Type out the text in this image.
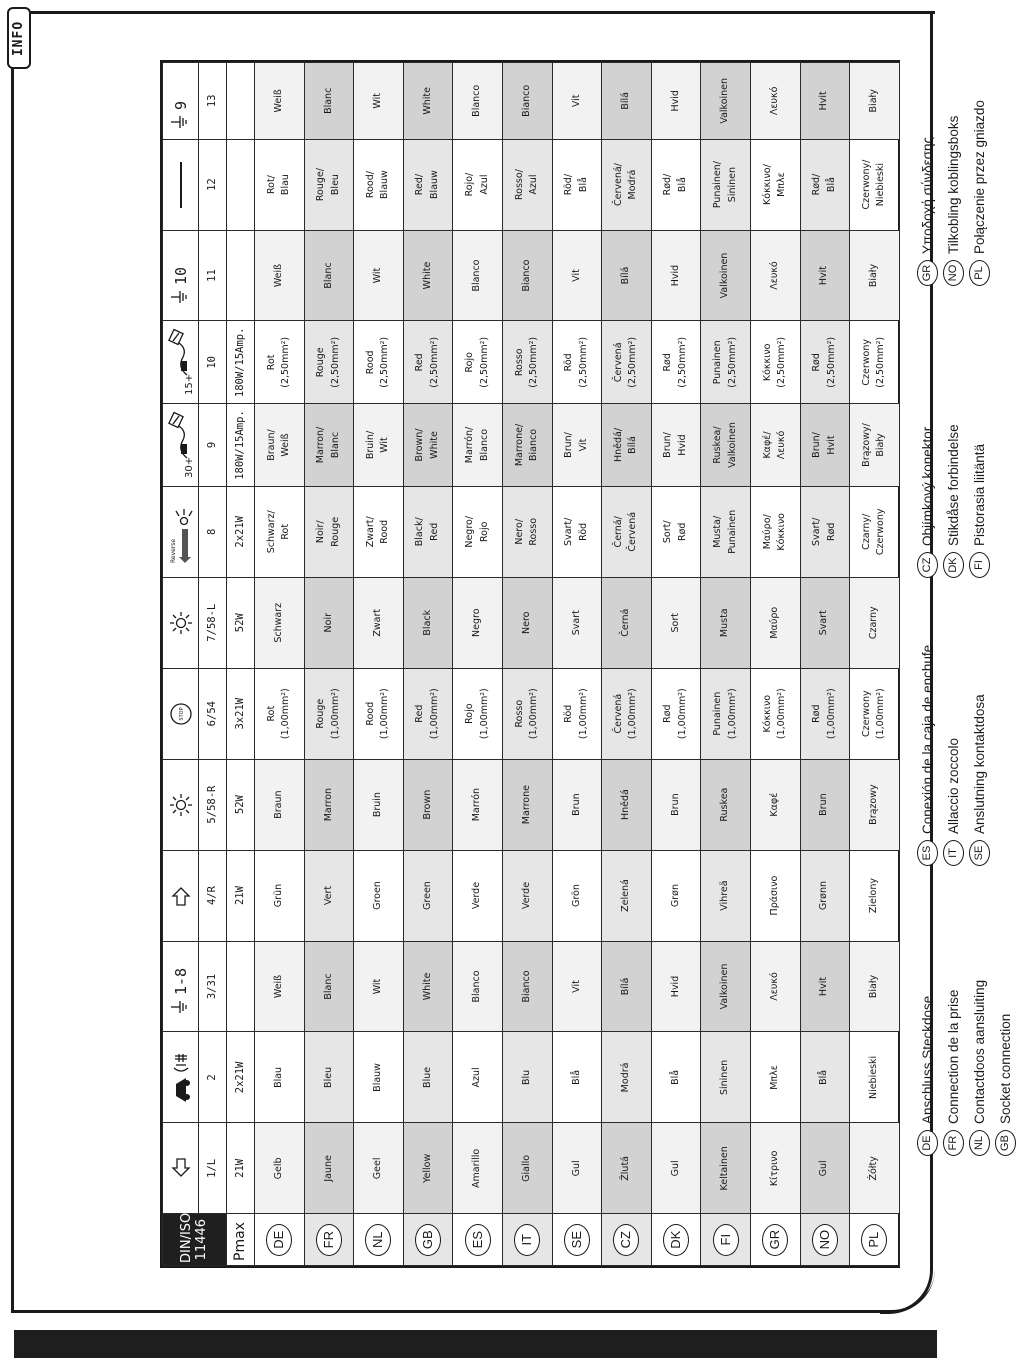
INFO
DIN/ISO 11446			1-8			STOP		Reverse	30+	15+	10		9

	1/L	2	3/31	4/R	5/58-R	6/54	7/58-L	8	9	10	11	12	13
Pmax	21W	2x21W		21W	52W	3x21W	52W	2x21W	180W/15Amp.	180W/15Amp.			
DE	Gelb	Blau	Weiß	Grün	Braun	Rot (1,00mm²)	Schwarz	Schwarz/ Rot	Braun/ Weiß	Rot (2,50mm²)	Weiß	Rot/ Blau	Weiß

FR	Jaune	Bleu	Blanc	Vert	Marron	Rouge (1,00mm²)	Noir	Noir/ Rouge	Marron/ Blanc	Rouge (2,50mm²)	Blanc	Rouge/ Bleu	Blanc

NL	Geel	Blauw	Wit	Groen	Bruin	Rood (1,00mm²)	Zwart	Zwart/ Rood	Bruin/ Wit	Rood (2,50mm²)	Wit	Rood/ Blauw	Wit

GB	Yellow	Blue	White	Green	Brown	Red (1,00mm²)	Black	Black/ Red	Brown/ White	Red (2,50mm²)	White	Red/ Blauw	White

ES	Amarillo	Azul	Blanco	Verde	Marrón	Rojo (1,00mm²)	Negro	Negro/ Rojo	Marrón/ Blanco	Rojo (2,50mm²)	Blanco	Rojo/ Azul	Blanco

IT	Giallo	Blu	Bianco	Verde	Marrone	Rosso (1,00mm²)	Nero	Nero/ Rosso	Marrone/ Bianco	Rosso (2,50mm²)	Bianco	Rosso/ Azul	Bianco

SE	Gul	Blå	Vit	Grön	Brun	Röd (1,00mm²)	Svart	Svart/ Röd	Brun/ Vit	Röd (2,50mm²)	Vit	Röd/ Blå	Vit

CZ	Žlutá	Modrá	Bílá	Zelená	Hnědá	Červená (1,00mm²)	Černá	Černá/ Červená	Hnědá/ Bílá	Červená (2,50mm²)	Bílá	Červená/ Modrá	Bílá

DK	Gul	Blå	Hvid	Grøn	Brun	Rød (1,00mm²)	Sort	Sort/ Rød	Brun/ Hvid	Rød (2,50mm²)	Hvid	Rød/ Blå	Hvid

FI	Keltainen	Sininen	Valkoinen	Vihreä	Ruskea	Punainen (1,00mm²)	Musta	Musta/ Punainen	Ruskea/ Valkoinen	Punainen (2,50mm²)	Valkoinen	Punainen/ Sininen	Valkoinen

GR	Κίτρινο	Μπλε	Λευκό	Πράσινο	Καφέ	Κόκκινο (1,00mm²)	Μαύρο	Μαύρο/ Κόκκινο	Καφέ/ Λευκό	Κόκκινο (2,50mm²)	Λευκό	Κόκκινο/ Μπλε	Λευκό

NO	Gul	Blå	Hvit	Grønn	Brun	Rød (1,00mm²)	Svart	Svart/ Rød	Brun/ Hvit	Rød (2,50mm²)	Hvit	Rød/ Blå	Hvit

PL	Żółty	Niebieski	Biały	Zielony	Brązowy	Czerwony (1,00mm²)	Czarny	Czarny/ Czerwony	Brązowy/ Biały	Czerwony (2,50mm²)	Biały	Czerwony/ Niebieski	Biały
DE
Anschluss Steckdose
FR
Connection de la prise
NL
Contactdoos aansluiting
GB
Socket connection
ES
Conexión de la caja de enchufe
IT
Allaccio zoccolo
SE
Anslutning kontaktdosa
CZ
Objímkový konektor
DK
Stikdåse forbindelse
FI
Pistorasia liitäntä
GR
Υποδοχή σύνδεσης
NO
Tilkobling koblingsboks
PL
Połączenie przez gniazdo
